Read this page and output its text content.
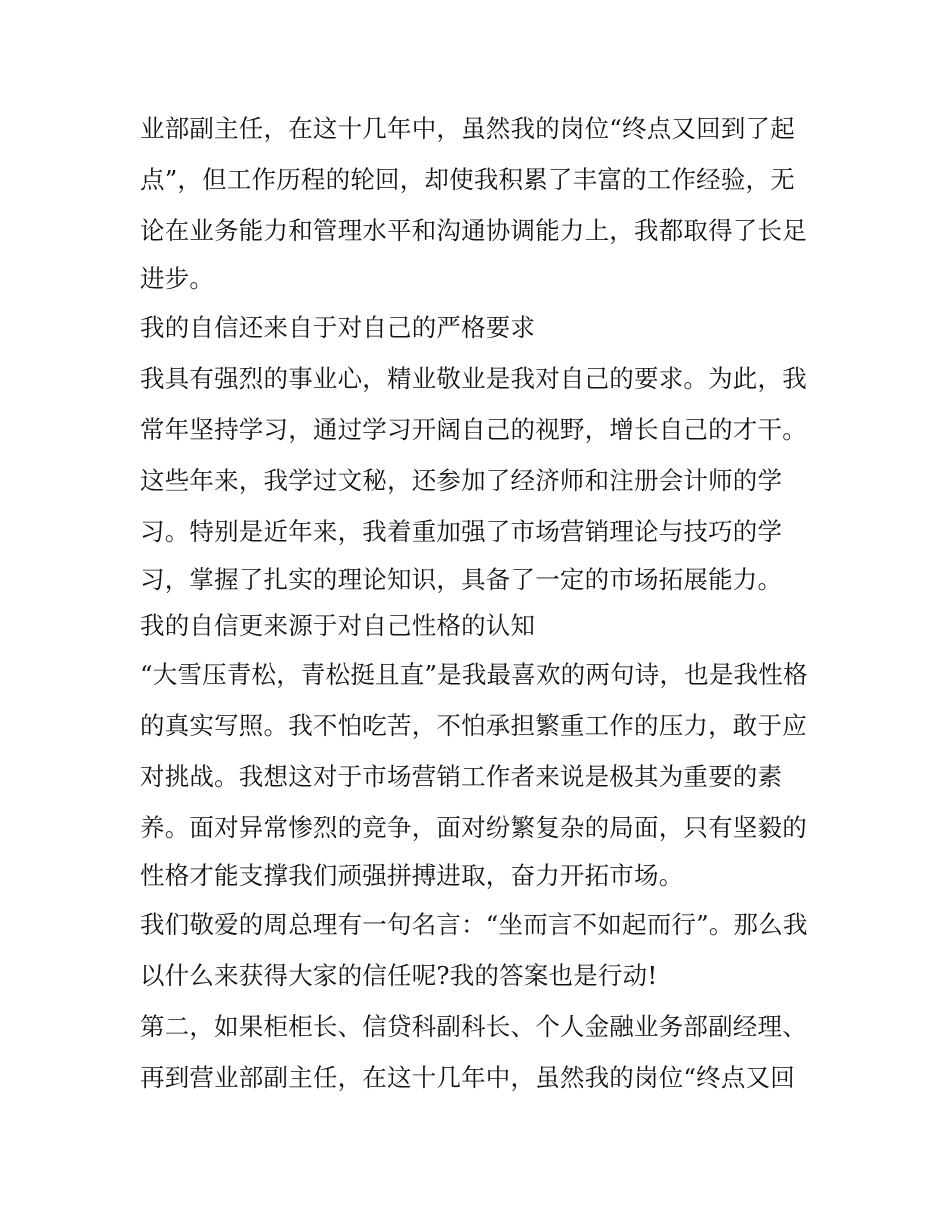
业部副主任，在这十几年中，虽然我的岗位“终点又回到了起
点”，但工作历程的轮回，却使我积累了丰富的工作经验，无
论在业务能力和管理水平和沟通协调能力上，我都取得了长足
进步。
我的自信还来自于对自己的严格要求
我具有强烈的事业心，精业敬业是我对自己的要求。为此，我
常年坚持学习，通过学习开阔自己的视野，增长自己的才干。
这些年来，我学过文秘，还参加了经济师和注册会计师的学
习。特别是近年来，我着重加强了市场营销理论与技巧的学
习，掌握了扎实的理论知识，具备了一定的市场拓展能力。
我的自信更来源于对自己性格的认知
“大雪压青松，青松挺且直”是我最喜欢的两句诗，也是我性格
的真实写照。我不怕吃苦，不怕承担繁重工作的压力，敢于应
对挑战。我想这对于市场营销工作者来说是极其为重要的素
养。面对异常惨烈的竞争，面对纷繁复杂的局面，只有坚毅的
性格才能支撑我们顽强拼搏进取，奋力开拓市场。
我们敬爱的周总理有一句名言：“坐而言不如起而行”。那么我
以什么来获得大家的信任呢?我的答案也是行动!
第二，如果柜柜长、信贷科副科长、个人金融业务部副经理、
再到营业部副主任，在这十几年中，虽然我的岗位“终点又回
